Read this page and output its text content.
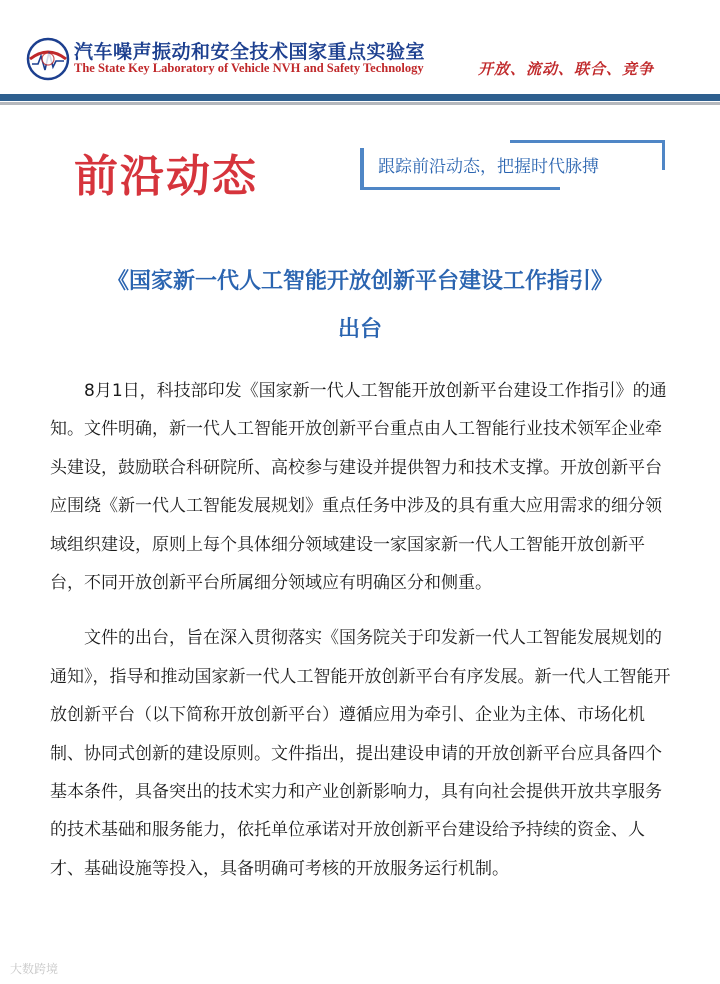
汽车噪声振动和安全技术国家重点实验室
The State Key Laboratory of Vehicle NVH and Safety Technology	开放、流动、联合、竞争
前沿动态	跟踪前沿动态，把握时代脉搏
《国家新一代人工智能开放创新平台建设工作指引》
出台

8月1日，科技部印发《国家新一代人工智能开放创新平台建设工作指引》的通知。文件明确，新一代人工智能开放创新平台重点由人工智能行业技术领军企业牵头建设，鼓励联合科研院所、高校参与建设并提供智力和技术支撑。开放创新平台应围绕《新一代人工智能发展规划》重点任务中涉及的具有重大应用需求的细分领域组织建设，原则上每个具体细分领域建设一家国家新一代人工智能开放创新平台，不同开放创新平台所属细分领域应有明确区分和侧重。

文件的出台，旨在深入贯彻落实《国务院关于印发新一代人工智能发展规划的通知》，指导和推动国家新一代人工智能开放创新平台有序发展。新一代人工智能开放创新平台（以下简称开放创新平台）遵循应用为牵引、企业为主体、市场化机制、协同式创新的建设原则。文件指出，提出建设申请的开放创新平台应具备四个基本条件，具备突出的技术实力和产业创新影响力，具有向社会提供开放共享服务的技术基础和服务能力，依托单位承诺对开放创新平台建设给予持续的资金、人才、基础设施等投入，具备明确可考核的开放服务运行机制。

大数跨境
